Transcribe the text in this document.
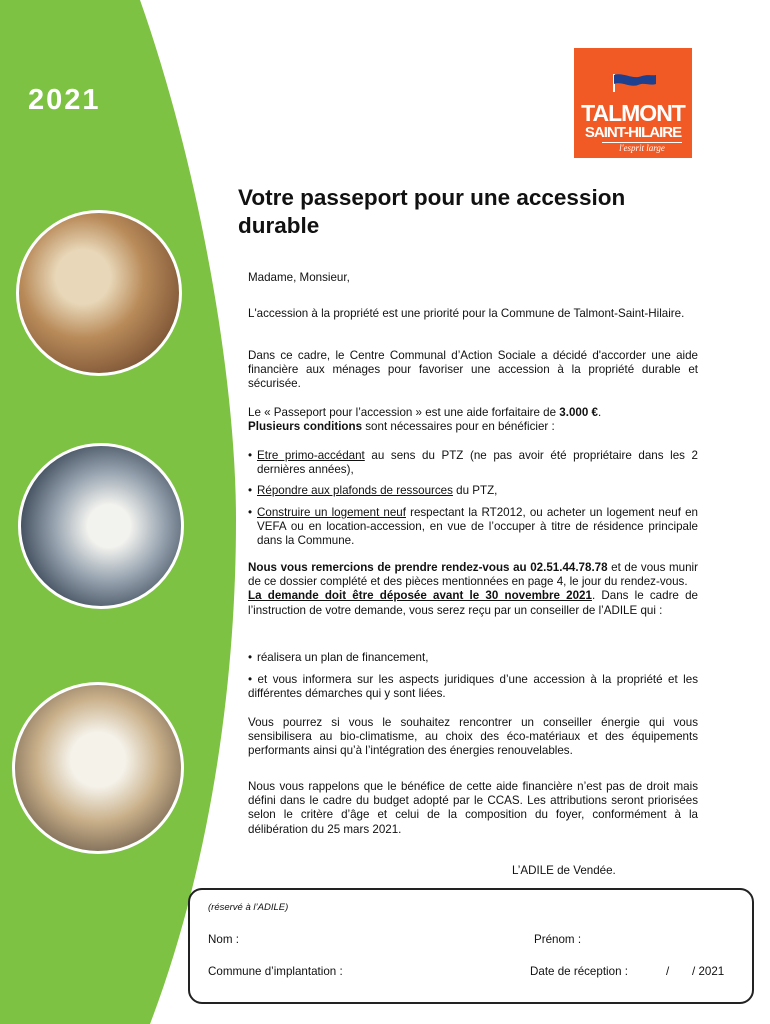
2021	TALMONT
SAINT-HILAIRE
l'esprit large
Votre passeport pour une accession durable
Madame, Monsieur,
L'accession à la propriété est une priorité pour la Commune de Talmont-Saint-Hilaire.
Dans ce cadre, le Centre Communal d’Action Sociale a décidé d'accorder une aide financière aux ménages pour favoriser une accession à la propriété durable et sécurisée.
Le « Passeport pour l’accession » est une aide forfaitaire de 3.000 €.
Plusieurs conditions sont nécessaires pour en bénéficier :
• Etre primo-accédant au sens du PTZ (ne pas avoir été propriétaire dans les 2 dernières années),
• Répondre aux plafonds de ressources du PTZ,
• Construire un logement neuf respectant la RT2012, ou acheter un logement neuf en VEFA ou en location-accession, en vue de l’occuper à titre de résidence principale dans la Commune.
Nous vous remercions de prendre rendez-vous au 02.51.44.78.78 et de vous munir de ce dossier complété et des pièces mentionnées en page 4, le jour du rendez-vous.
La demande doit être déposée avant le 30 novembre 2021. Dans le cadre de l’instruction de votre demande, vous serez reçu par un conseiller de l’ADILE qui :
• réalisera un plan de financement,
• et vous informera sur les aspects juridiques d’une accession à la propriété et les différentes démarches qui y sont liées.
Vous pourrez si vous le souhaitez rencontrer un conseiller énergie qui vous sensibilisera au bio-climatisme, au choix des éco-matériaux et des équipements performants ainsi qu’à l’intégration des énergies renouvelables.
Nous vous rappelons que le bénéfice de cette aide financière n’est pas de droit mais défini dans le cadre du budget adopté par le CCAS. Les attributions seront priorisées selon le critère d’âge et celui de la composition du foyer, conformément à la délibération du 25 mars 2021.
L’ADILE de Vendée.
(réservé à l’ADILE)
Nom :	Prénom :
Commune d’implantation :	Date de réception :	/ / 2021
